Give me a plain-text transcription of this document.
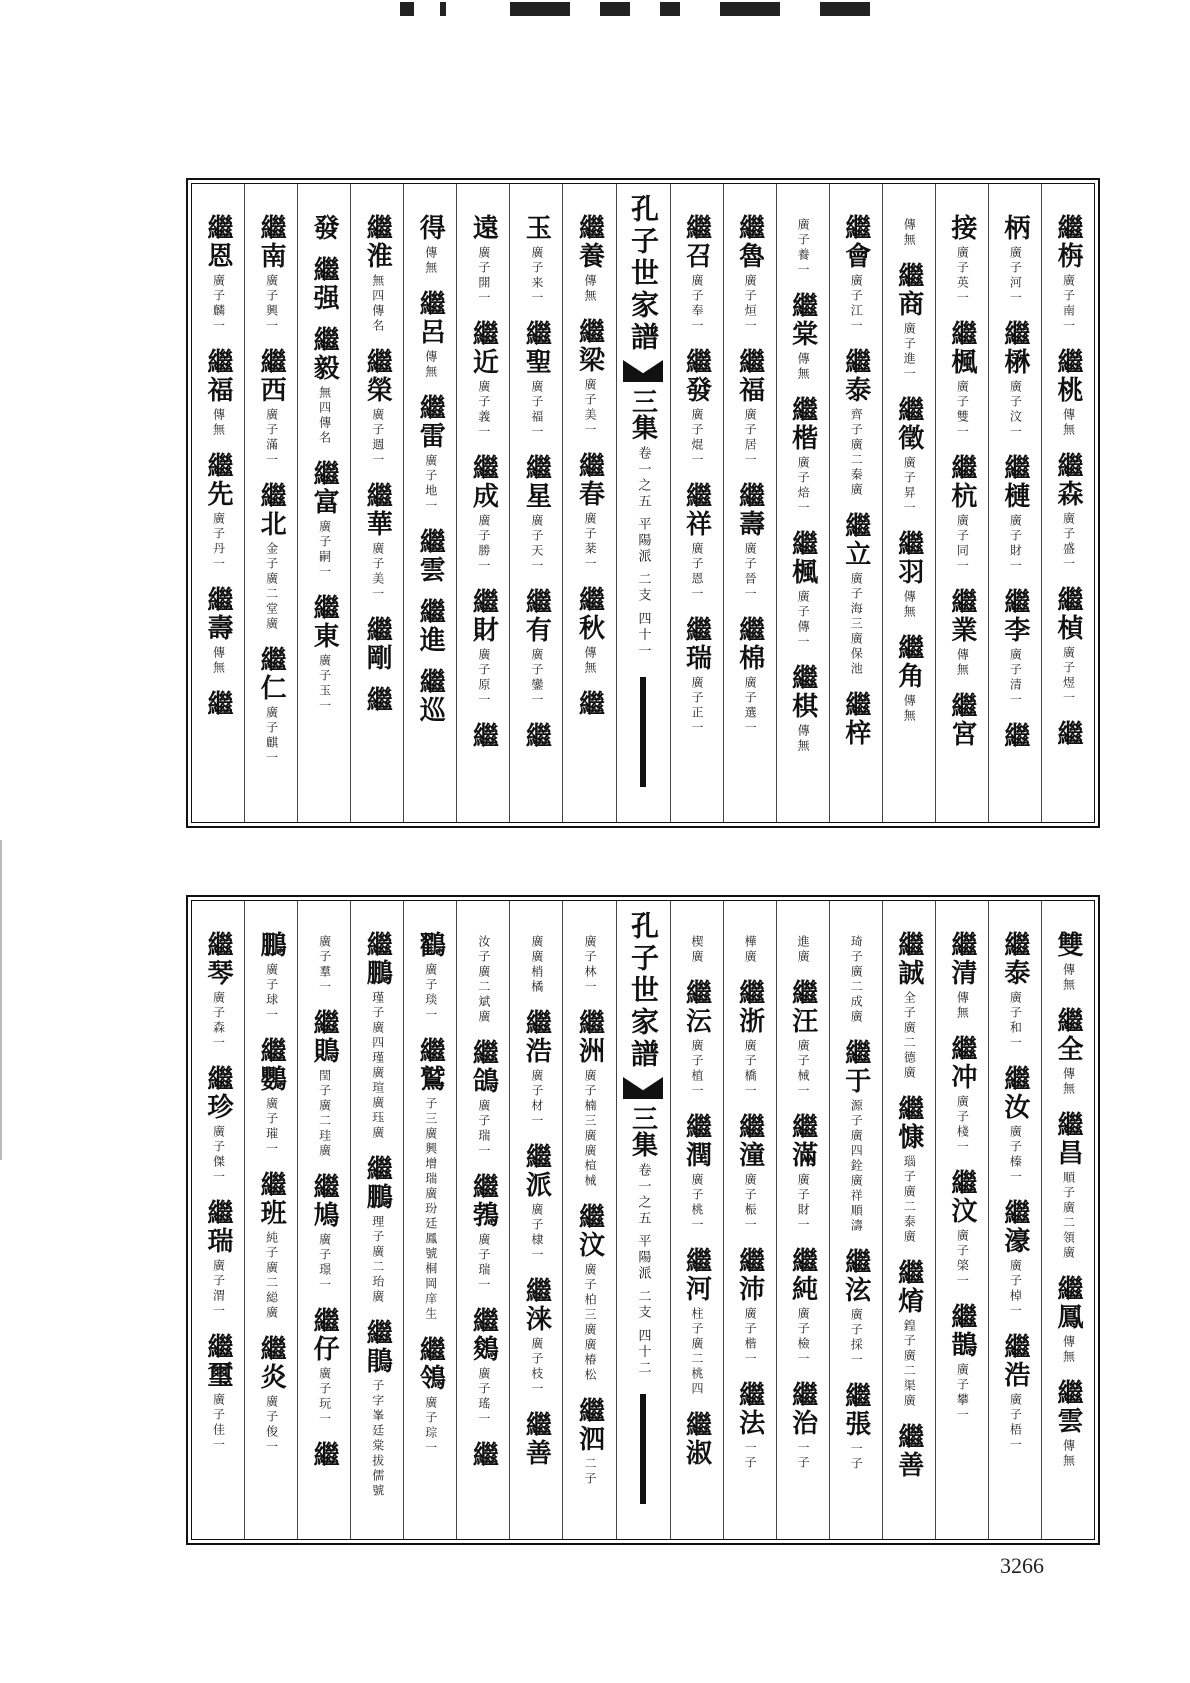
繼栴
廣子南一
繼桃
傳無
繼森
廣子盛一
繼楨
廣子煜一
繼
柄
廣子河一
繼楙
廣子汶一
繼槤
廣子財一
繼李
廣子清一
繼
接
廣子英一
繼楓
廣子雙一
繼杭
廣子同一
繼業
傳無
繼宮
傳無
繼商
廣子進一
繼徵
廣子昇一
繼羽
傳無
繼角
傳無
繼會
廣子江一
繼泰
齊子廣二秦廣
繼立
廣子海三廣保池
繼梓
廣子養一
繼棠
傳無
繼楷
廣子焙一
繼楓
廣子傳一
繼棋
傳無
繼魯
廣子烜一
繼福
廣子居一
繼壽
廣子晉一
繼棉
廣子選一
繼召
廣子奉一
繼發
廣子焜一
繼祥
廣子恩一
繼瑞
廣子正一
孔子世家譜
三集
卷一之五 平陽派 二支 四十一
繼養
傳無
繼梁
廣子美一
繼春
廣子棻一
繼秋
傳無
繼
玉
廣子来一
繼聖
廣子福一
繼星
廣子天一
繼有
廣子鑾一
繼
遠
廣子開一
繼近
廣子義一
繼成
廣子勝一
繼財
廣子原一
繼
得
傳無
繼呂
傳無
繼雷
廣子地一
繼雲
繼進
繼巡
繼淮
無四傳名
繼榮
廣子週一
繼華
廣子美一
繼剛
繼
發
繼强
繼毅
無四傳名
繼富
廣子嗣一
繼東
廣子玉一
繼南
廣子興一
繼西
廣子滿一
繼北
金子廣二堂廣
繼仁
廣子麒一
繼恩
廣子麟一
繼福
傳無
繼先
廣子丹一
繼壽
傳無
繼
雙
傳無
繼全
傳無
繼昌
順子廣二領廣
繼鳳
傳無
繼雲
傳無
繼泰
廣子和一
繼汝
廣子榛一
繼濠
廣子棹一
繼浩
廣子梧一
繼清
傳無
繼冲
廣子棧一
繼汶
廣子棨一
繼鵲
廣子攀一
繼誠
全子廣二德廣
繼慷
瑙子廣二泰廣
繼焴
鍠子廣二渠廣
繼善
琦子廣二成廣
繼于
源子廣四銓廣祥順濤
繼泫
廣子採一
繼張
一子
進廣
繼汪
廣子械一
繼滿
廣子財一
繼純
廣子檢一
繼治
一子
樺廣
繼浙
廣子橋一
繼潼
廣子桭一
繼沛
廣子楷一
繼法
一子
楔廣
繼沄
廣子植一
繼潤
廣子桃一
繼河
柱子廣二桃四
繼淑
孔子世家譜
三集
卷一之五 平陽派 二支 四十二
廣子林一
繼洲
廣子楠三廣廣楦械
繼汶
廣子柏三廣廣椿松
繼泗
二子
廣廣梢橘
繼浩
廣子材一
繼派
廣子棣一
繼涞
廣子枝一
繼善
汝子廣二斌廣
繼鴿
廣子瑞一
繼鵓
廣子瑞一
繼鵕
廣子瑤一
繼
鸐
廣子琰一
繼鷲
子三廣興增瑞廣玢廷鳳號桐岡庠生
繼鴒
廣子琮一
繼鵬
瑾子廣四瑾廣瑄廣珏廣
繼鵬
理子廣二珆廣
繼鵑
子字峯廷棠拔儒號
廣子羣一
繼鵙
閏子廣二珪廣
繼鳩
廣子璟一
繼仔
廣子玩一
繼
鵬
廣子球一
繼鸚
廣子璀一
繼班
純子廣二縂廣
繼炎
廣子俊一
繼琴
廣子森一
繼珍
廣子傑一
繼瑞
廣子渭一
繼璽
廣子佳一
3266
